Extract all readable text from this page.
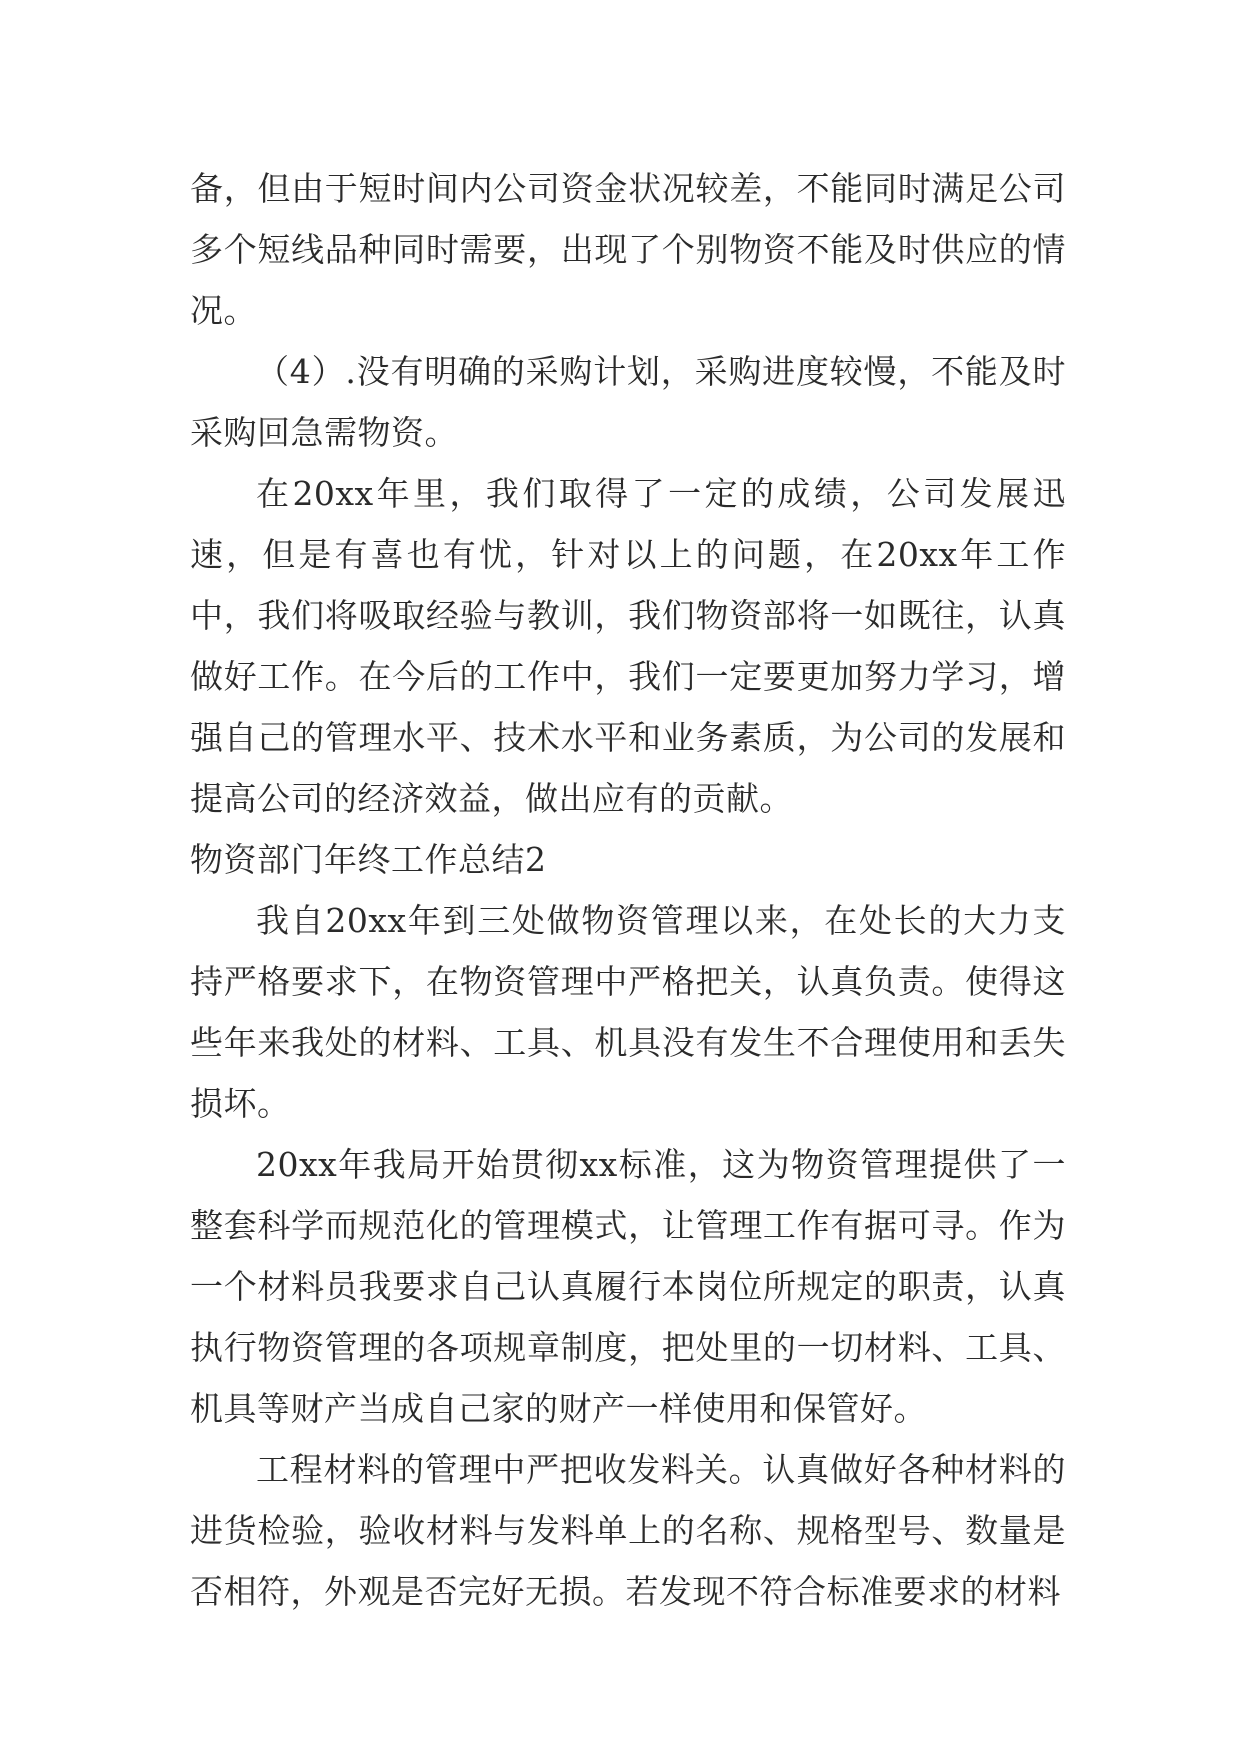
备，但由于短时间内公司资金状况较差，不能同时满足公司多个短线品种同时需要，出现了个别物资不能及时供应的情况。

（4）.没有明确的采购计划，采购进度较慢，不能及时采购回急需物资。

在20xx年里，我们取得了一定的成绩，公司发展迅速，但是有喜也有忧，针对以上的问题，在20xx年工作中，我们将吸取经验与教训，我们物资部将一如既往，认真做好工作。在今后的工作中，我们一定要更加努力学习，增强自己的管理水平、技术水平和业务素质，为公司的发展和提高公司的经济效益，做出应有的贡献。

物资部门年终工作总结2

我自20xx年到三处做物资管理以来，在处长的大力支持严格要求下，在物资管理中严格把关，认真负责。使得这些年来我处的材料、工具、机具没有发生不合理使用和丢失损坏。

20xx年我局开始贯彻xx标准，这为物资管理提供了一整套科学而规范化的管理模式，让管理工作有据可寻。作为一个材料员我要求自己认真履行本岗位所规定的职责，认真执行物资管理的各项规章制度，把处里的一切材料、工具、机具等财产当成自己家的财产一样使用和保管好。

工程材料的管理中严把收发料关。认真做好各种材料的进货检验，验收材料与发料单上的名称、规格型号、数量是否相符，外观是否完好无损。若发现不符合标准要求的材料
